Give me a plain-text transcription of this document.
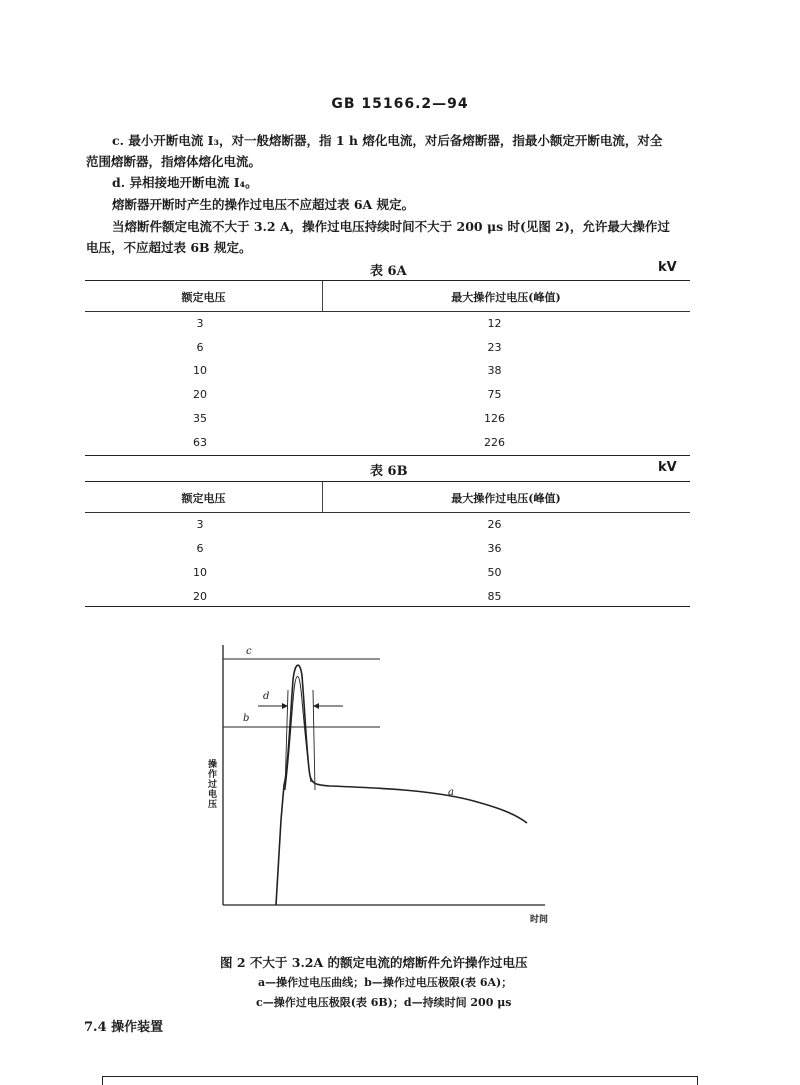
GB 15166.2—94
c. 最小开断电流 I₃，对一般熔断器，指 1 h 熔化电流，对后备熔断器，指最小额定开断电流，对全
范围熔断器，指熔体熔化电流。
d. 异相接地开断电流 I₄。
熔断器开断时产生的操作过电压不应超过表 6A 规定。
当熔断件额定电流不大于 3.2 A，操作过电压持续时间不大于 200 μs 时(见图 2)，允许最大操作过
电压，不应超过表 6B 规定。
表 6A	kV
额定电压	最大操作过电压(峰值)
3	12
6	23
10	38
20	75
35	126
63	226
表 6B	kV
额定电压	最大操作过电压(峰值)
3	26
6	36
10	50
20	85
c
b
d
a
操作过电压
时间
图 2 不大于 3.2A 的额定电流的熔断件允许操作过电压
a—操作过电压曲线；b—操作过电压极限(表 6A)；
c—操作过电压极限(表 6B)；d—持续时间 200 μs
7.4 操作装置
